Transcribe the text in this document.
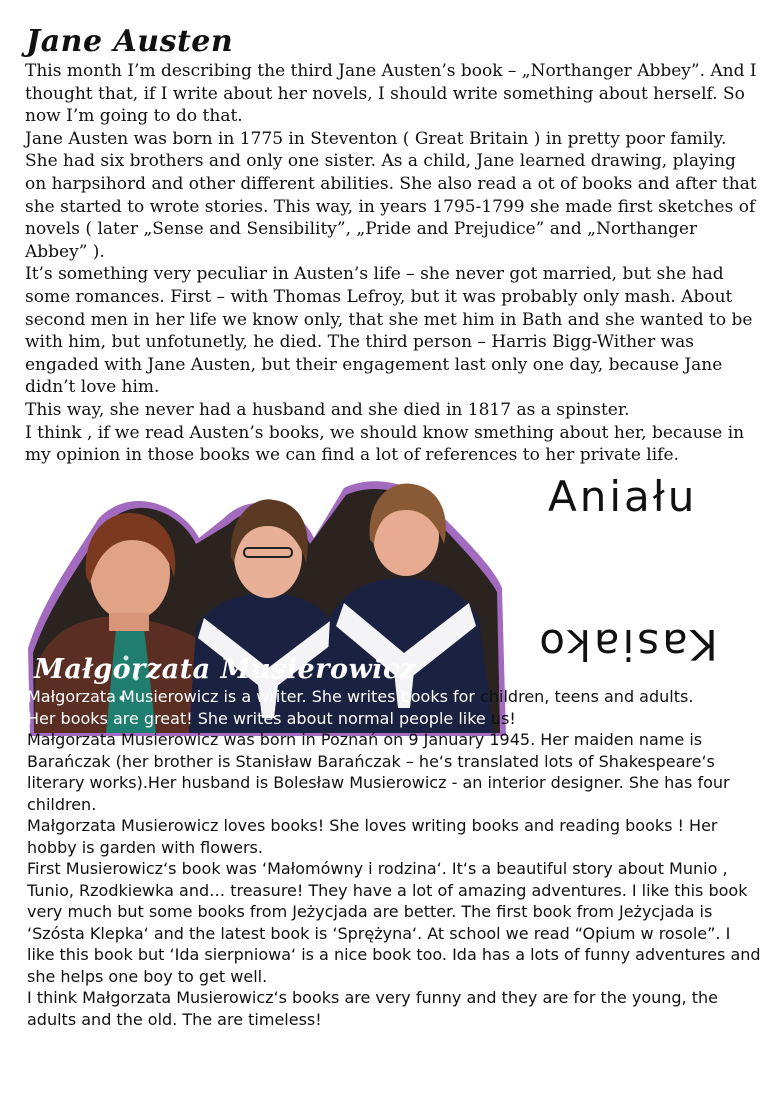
Jane Austen

This month I’m describing the third Jane Austen’s book – „Northanger Abbey”. And I thought that, if I write about her novels, I should write something about herself. So now I’m going to do that.

Jane Austen was born in 1775 in Steventon ( Great Britain ) in pretty poor family. She had six brothers and only one sister. As a child, Jane learned drawing, playing on harpsihord and other different abilities. She also read a ot of books and after that she started to wrote stories. This way, in years 1795-1799 she made first sketches of novels ( later „Sense and Sensibility”, „Pride and Prejudice” and „Northanger Abbey” ).

It’s something very peculiar in Austen’s life – she never got married, but she had some romances. First – with Thomas Lefroy, but it was probably only mash. About second men in her life we know only, that she met him in Bath and she wanted to be with him, but unfotunetly, he died. The third person – Harris Bigg-Wither was engaded with Jane Austen, but their engagement last only one day, because Jane didn’t love him.

This way, she never had a husband and she died in 1817 as a spinster.

I think , if we read Austen’s books, we should know smething about her, because in my opinion in those books we can find a lot of references to her private life.

Aniału
Kasiako
Małgorzata Musierowicz

Małgorzata Musierowicz is a writer. She writes books for children, teens and adults.

Her books are great! She writes about normal people like us!

Małgorzata Musierowicz was born in Poznań on 9 January 1945. Her maiden name is Barańczak (her brother is Stanisław Barańczak – he‘s translated lots of Shakespeare‘s literary works).Her husband is Bolesław Musierowicz - an interior designer. She has four children.

Małgorzata Musierowicz loves books! She loves writing books and reading books ! Her hobby is garden with flowers.

First Musierowicz‘s book was ‘Małomówny i rodzina‘. It‘s a beautiful story about Munio , Tunio, Rzodkiewka and… treasure! They have a lot of amazing adventures. I like this book very much but some books from Jeżycjada are better. The first book from Jeżycjada is ‘Szósta Klepka‘ and the latest book is ‘Sprężyna‘. At school we read “Opium w rosole”. I like this book but ‘Ida sierpniowa‘ is a nice book too. Ida has a lots of funny adventures and she helps one boy to get well.

I think Małgorzata Musierowicz‘s books are very funny and they are for the young, the adults and the old. The are timeless!
